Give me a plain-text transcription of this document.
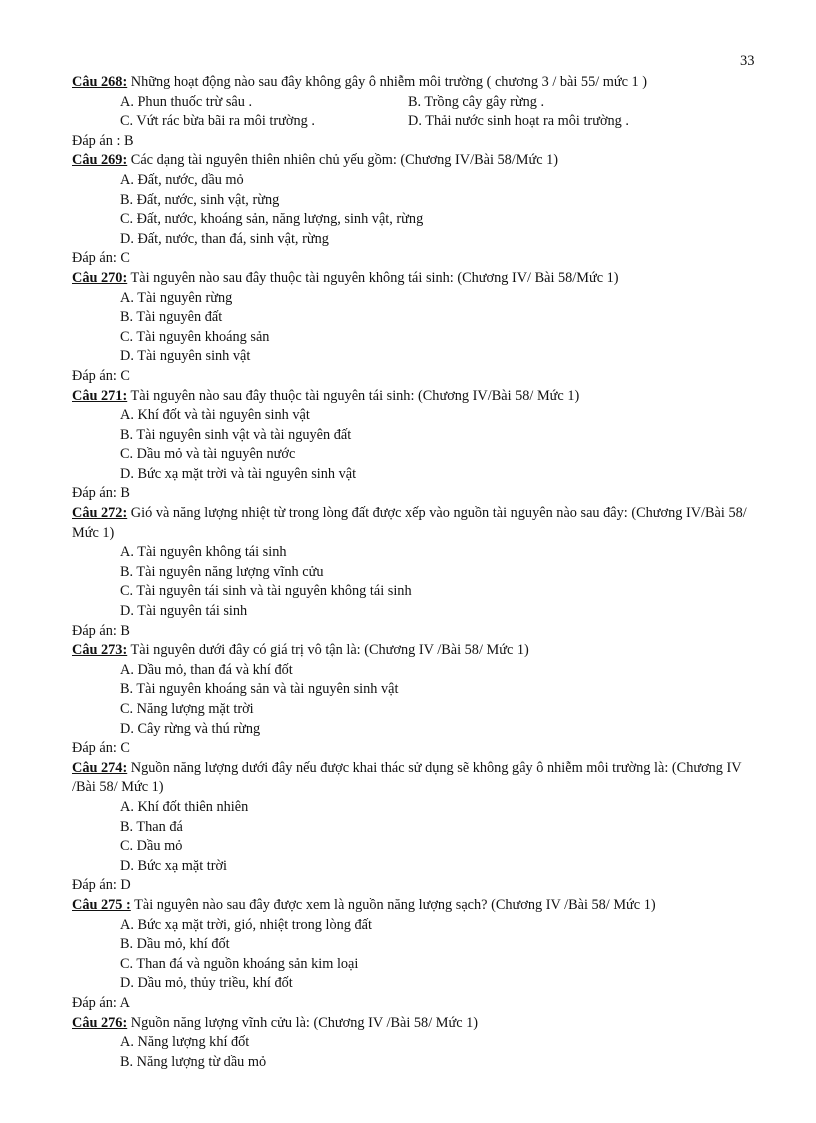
33
Câu 268: Những hoạt động nào sau đây không gây ô nhiễm môi trường ( chương 3 / bài 55/ mức 1 )
A. Phun thuốc trừ sâu .	B. Trồng cây gây rừng .
C. Vứt rác bừa bãi ra môi trường .	D. Thải nước sinh hoạt ra môi trường .
Đáp án : B
Câu 269: Các dạng tài nguyên thiên nhiên chủ yếu gồm: (Chương IV/Bài 58/Mức 1)
A. Đất, nước, dầu mỏ
B. Đất, nước, sinh vật, rừng
C. Đất, nước, khoáng sản, năng lượng, sinh vật, rừng
D. Đất, nước, than đá, sinh vật, rừng
Đáp án: C
Câu 270: Tài nguyên nào sau đây thuộc tài nguyên không tái sinh: (Chương IV/ Bài 58/Mức 1)
A. Tài nguyên rừng
B. Tài nguyên đất
C. Tài nguyên khoáng sản
D. Tài nguyên sinh vật
Đáp án: C
Câu 271: Tài nguyên nào sau đây thuộc tài nguyên tái sinh: (Chương IV/Bài 58/ Mức 1)
A. Khí đốt và tài nguyên sinh vật
B. Tài nguyên sinh vật và tài nguyên đất
C. Dầu mỏ và tài nguyên nước
D. Bức xạ mặt trời và tài nguyên sinh vật
Đáp án: B
Câu 272: Gió và năng lượng nhiệt từ trong lòng đất được xếp vào nguồn tài nguyên nào sau đây: (Chương IV/Bài 58/ Mức 1)
A. Tài nguyên không tái sinh
B. Tài nguyên năng lượng vĩnh cửu
C. Tài nguyên tái sinh và tài nguyên không tái sinh
D. Tài nguyên tái sinh
Đáp án: B
Câu 273: Tài nguyên dưới đây có giá trị vô tận là: (Chương IV /Bài 58/ Mức 1)
A. Dầu mỏ, than đá và khí đốt
B. Tài nguyên khoáng sản và tài nguyên sinh vật
C. Năng lượng mặt trời
D. Cây rừng và thú rừng
Đáp án: C
Câu 274: Nguồn năng lượng dưới đây nếu được khai thác sử dụng sẽ không gây ô nhiễm môi trường là: (Chương IV /Bài 58/ Mức 1)
A. Khí đốt thiên nhiên
B. Than đá
C. Dầu mỏ
D. Bức xạ mặt trời
Đáp án: D
Câu 275 : Tài nguyên nào sau đây được xem là nguồn năng lượng sạch? (Chương IV /Bài 58/ Mức 1)
A. Bức xạ mặt trời, gió, nhiệt trong lòng đất
B. Dầu mỏ, khí đốt
C. Than đá và nguồn khoáng sản kim loại
D. Dầu mỏ, thủy triều, khí đốt
Đáp án: A
Câu 276: Nguồn năng lượng vĩnh cửu là: (Chương IV /Bài 58/ Mức 1)
A. Năng lượng khí đốt
B. Năng lượng từ dầu mỏ
